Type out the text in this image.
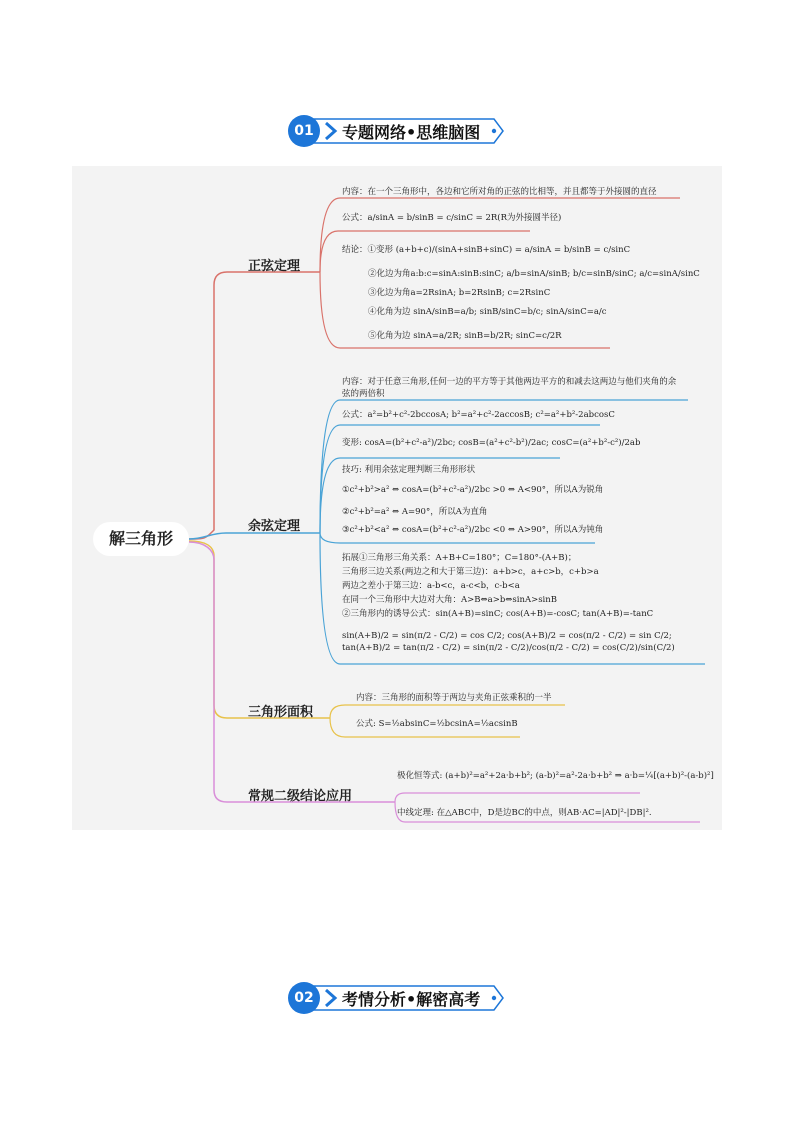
01	专题网络•思维脑图
解三角形
正弦定理
余弦定理
三角形面积
常规二级结论应用
内容：在一个三角形中，各边和它所对角的正弦的比相等，并且都等于外接圆的直径
公式：a/sinA = b/sinB = c/sinC = 2R(R为外接圆半径)
结论：①变形 (a+b+c)/(sinA+sinB+sinC) = a/sinA = b/sinB = c/sinC
②化边为角a:b:c=sinA:sinB:sinC; a/b=sinA/sinB; b/c=sinB/sinC; a/c=sinA/sinC
③化边为角a=2RsinA; b=2RsinB; c=2RsinC
④化角为边 sinA/sinB=a/b; sinB/sinC=b/c; sinA/sinC=a/c
⑤化角为边 sinA=a/2R; sinB=b/2R; sinC=c/2R
内容：对于任意三角形,任何一边的平方等于其他两边平方的和减去这两边与他们夹角的余弦的两倍积
公式：a²=b²+c²-2bccosA; b²=a²+c²-2accosB; c²=a²+b²-2abcosC
变形: cosA=(b²+c²-a²)/2bc; cosB=(a²+c²-b²)/2ac; cosC=(a²+b²-c²)/2ab
技巧: 利用余弦定理判断三角形形状
①c²+b²>a² ⇔ cosA=(b²+c²-a²)/2bc >0 ⇔ A<90°，所以A为锐角
②c²+b²=a² ⇔ A=90°，所以A为直角
③c²+b²<a² ⇔ cosA=(b²+c²-a²)/2bc <0 ⇔ A>90°，所以A为钝角
拓展①三角形三角关系：A+B+C=180°；C=180°-(A+B)；
三角形三边关系(两边之和大于第三边)：a+b>c，a+c>b，c+b>a
两边之差小于第三边：a-b<c，a-c<b，c-b<a
在同一个三角形中大边对大角：A>B⇔a>b⇔sinA>sinB
②三角形内的诱导公式：sin(A+B)=sinC; cos(A+B)=-cosC; tan(A+B)=-tanC
sin(A+B)/2 = sin(π/2 - C/2) = cos C/2; cos(A+B)/2 = cos(π/2 - C/2) = sin C/2; tan(A+B)/2 = tan(π/2 - C/2) = sin(π/2 - C/2)/cos(π/2 - C/2) = cos(C/2)/sin(C/2)
内容：三角形的面积等于两边与夹角正弦乘积的一半
公式: S=½absinC=½bcsinA=½acsinB
极化恒等式: (a+b)²=a²+2a·b+b²; (a-b)²=a²-2a·b+b² ⇒ a·b=¼[(a+b)²-(a-b)²]
中线定理: 在△ABC中，D是边BC的中点，则AB·AC=|AD|²-|DB|².
02	考情分析•解密高考
